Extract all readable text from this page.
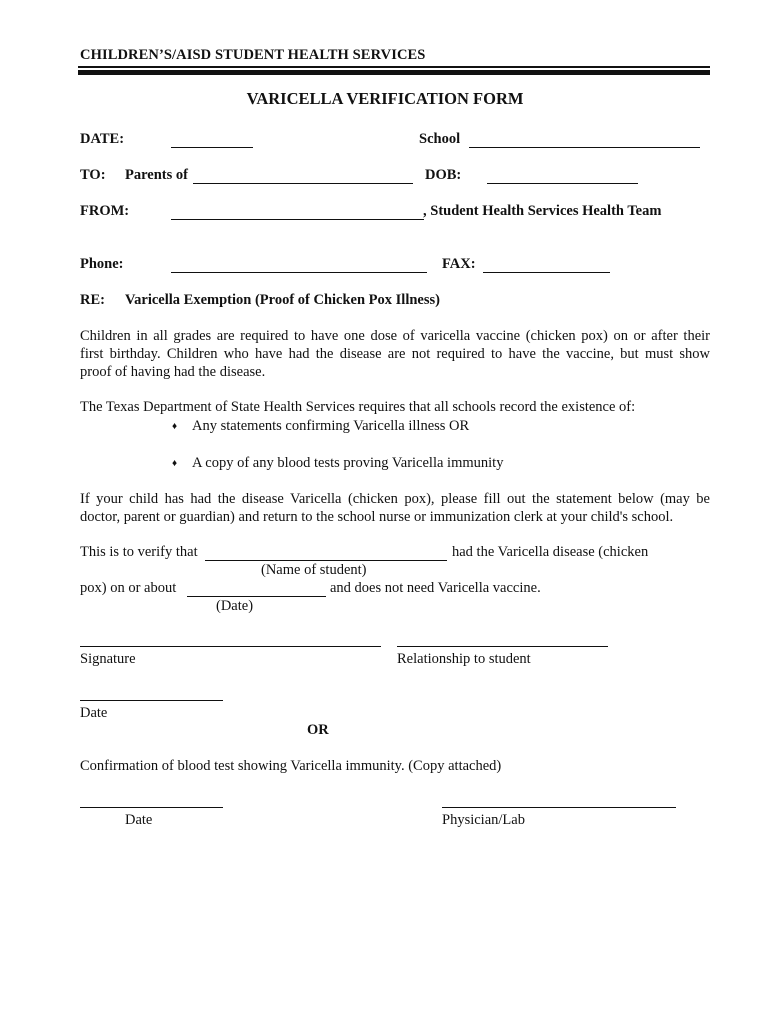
CHILDREN’S/AISD STUDENT HEALTH SERVICES
VARICELLA VERIFICATION FORM
DATE:	School
TO: Parents of	DOB:
FROM:	, Student Health Services Health Team
Phone:	FAX:
RE: Varicella Exemption (Proof of Chicken Pox Illness)
Children in all grades are required to have one dose of varicella vaccine (chicken pox) on or after their
first birthday. Children who have had the disease are not required to have the vaccine, but must show
proof of having had the disease.
The Texas Department of State Health Services requires that all schools record the existence of:
♦ Any statements confirming Varicella illness OR
♦ A copy of any blood tests proving Varicella immunity
If your child has had the disease Varicella (chicken pox), please fill out the statement below (may be
doctor, parent or guardian) and return to the school nurse or immunization clerk at your child's school.
This is to verify that	had the Varicella disease (chicken
(Name of student)
pox) on or about	and does not need Varicella vaccine.
(Date)
Signature	Relationship to student
Date
OR
Confirmation of blood test showing Varicella immunity. (Copy attached)
Date	Physician/Lab
